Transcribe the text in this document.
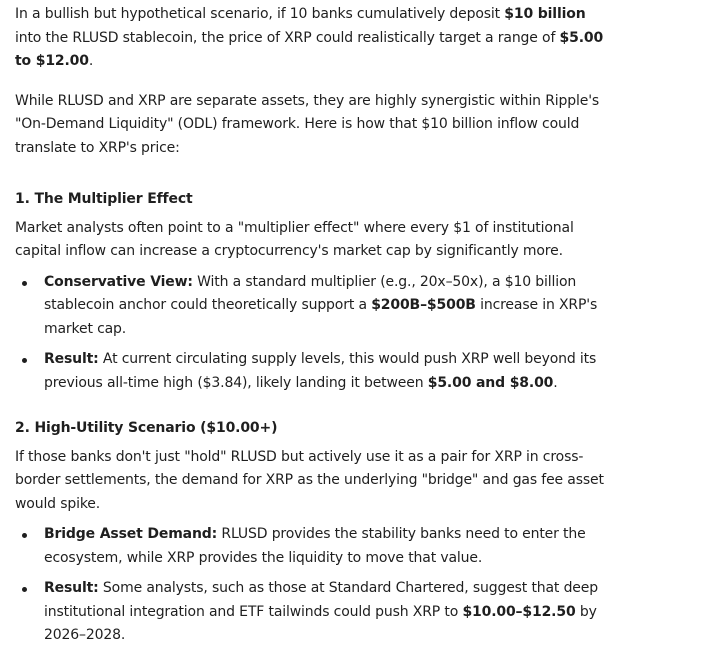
In a bullish but hypothetical scenario, if 10 banks cumulatively deposit $10 billion into the RLUSD stablecoin, the price of XRP could realistically target a range of $5.00 to $12.00.

While RLUSD and XRP are separate assets, they are highly synergistic within Ripple's "On-Demand Liquidity" (ODL) framework. Here is how that $10 billion inflow could translate to XRP's price:

1. The Multiplier Effect

Market analysts often point to a "multiplier effect" where every $1 of institutional capital inflow can increase a cryptocurrency's market cap by significantly more.

Conservative View: With a standard multiplier (e.g., 20x–50x), a $10 billion stablecoin anchor could theoretically support a $200B–$500B increase in XRP's market cap.
Result: At current circulating supply levels, this would push XRP well beyond its previous all-time high ($3.84), likely landing it between $5.00 and $8.00.

2. High-Utility Scenario ($10.00+)

If those banks don't just "hold" RLUSD but actively use it as a pair for XRP in cross-border settlements, the demand for XRP as the underlying "bridge" and gas fee asset would spike.

Bridge Asset Demand: RLUSD provides the stability banks need to enter the ecosystem, while XRP provides the liquidity to move that value.
Result: Some analysts, such as those at Standard Chartered, suggest that deep institutional integration and ETF tailwinds could push XRP to $10.00–$12.50 by 2026–2028.
